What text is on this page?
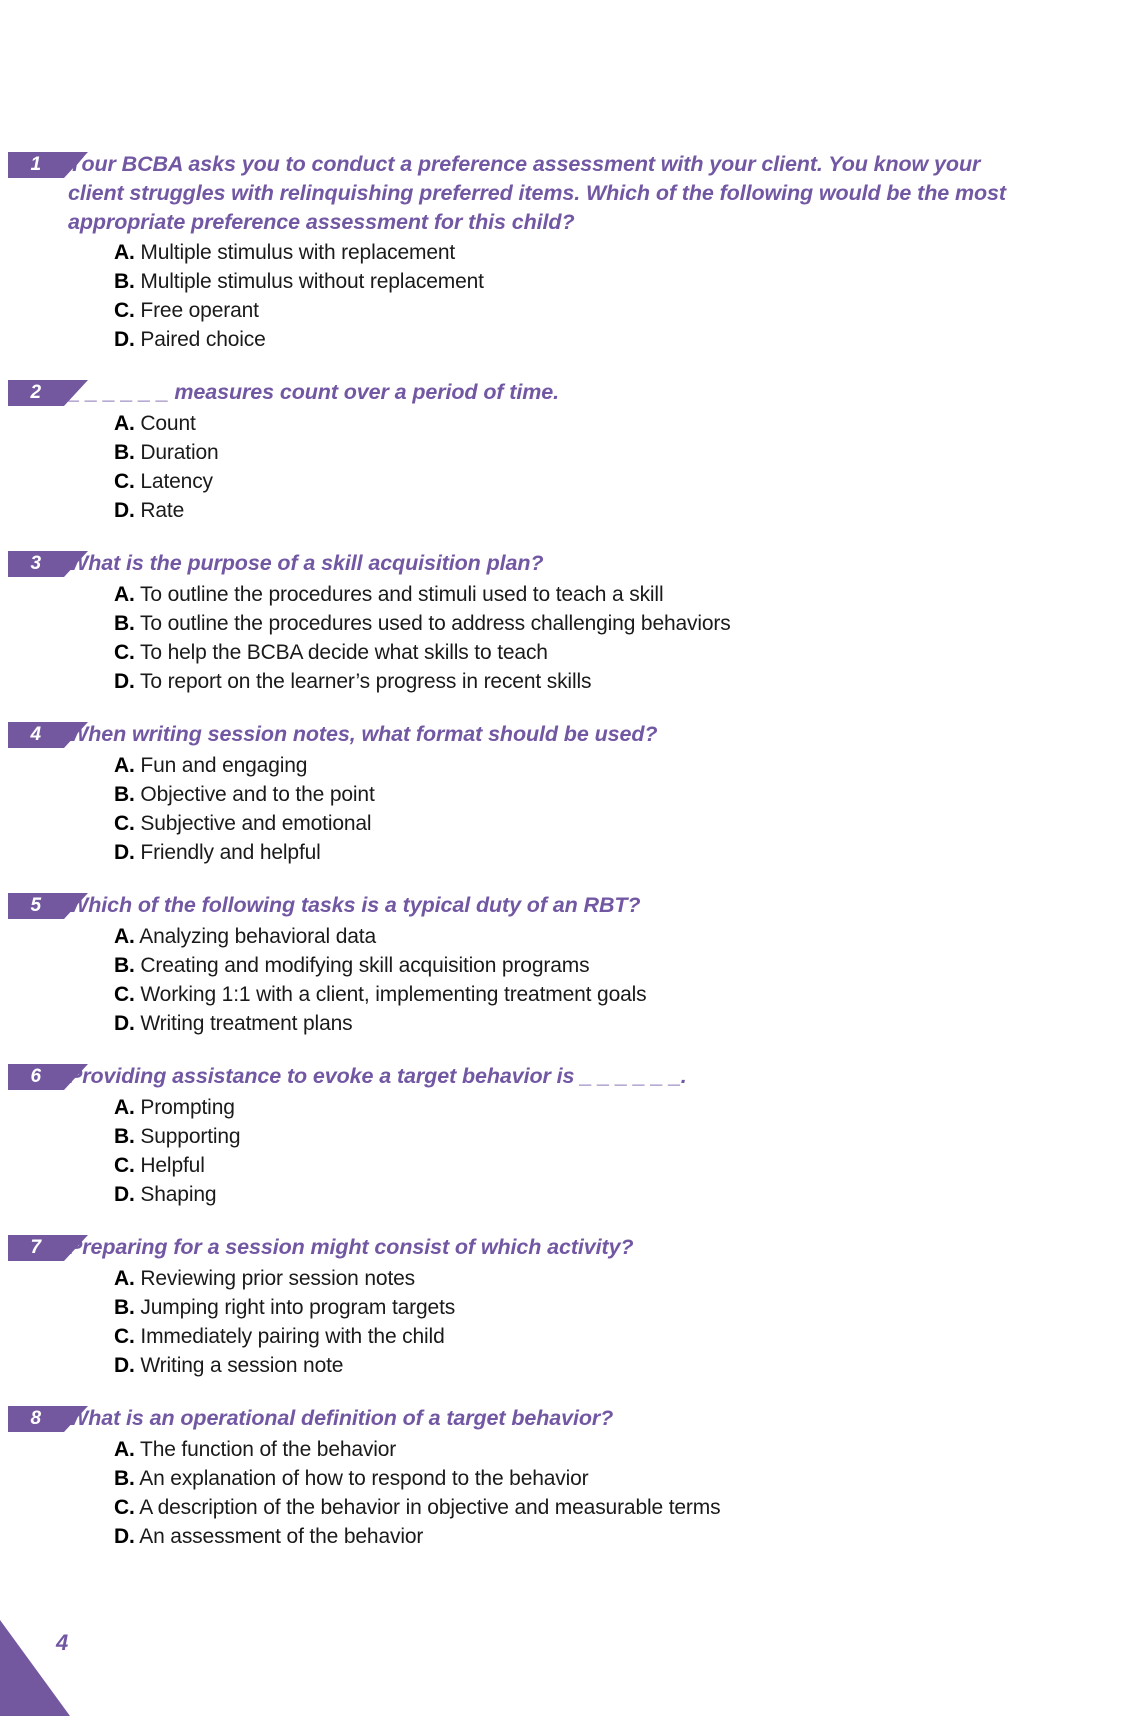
1	Your BCBA asks you to conduct a preference assessment with your client. You know your client struggles with relinquishing preferred items. Which of the following would be the most appropriate preference assessment for this child?

A. Multiple stimulus with replacement
B. Multiple stimulus without replacement
C. Free operant
D. Paired choice
2	_ _ _ _ _ _ measures count over a period of time.

A. Count
B. Duration
C. Latency
D. Rate
3	What is the purpose of a skill acquisition plan?

A. To outline the procedures and stimuli used to teach a skill
B. To outline the procedures used to address challenging behaviors
C. To help the BCBA decide what skills to teach
D. To report on the learner’s progress in recent skills
4	When writing session notes, what format should be used?

A. Fun and engaging
B. Objective and to the point
C. Subjective and emotional
D. Friendly and helpful
5	Which of the following tasks is a typical duty of an RBT?

A. Analyzing behavioral data
B. Creating and modifying skill acquisition programs
C. Working 1:1 with a client, implementing treatment goals
D. Writing treatment plans
6	Providing assistance to evoke a target behavior is _ _ _ _ _ _.

A. Prompting
B. Supporting
C. Helpful
D. Shaping
7	Preparing for a session might consist of which activity?

A. Reviewing prior session notes
B. Jumping right into program targets
C. Immediately pairing with the child
D. Writing a session note
8	What is an operational definition of a target behavior?

A. The function of the behavior
B. An explanation of how to respond to the behavior
C. A description of the behavior in objective and measurable terms
D. An assessment of the behavior
4
